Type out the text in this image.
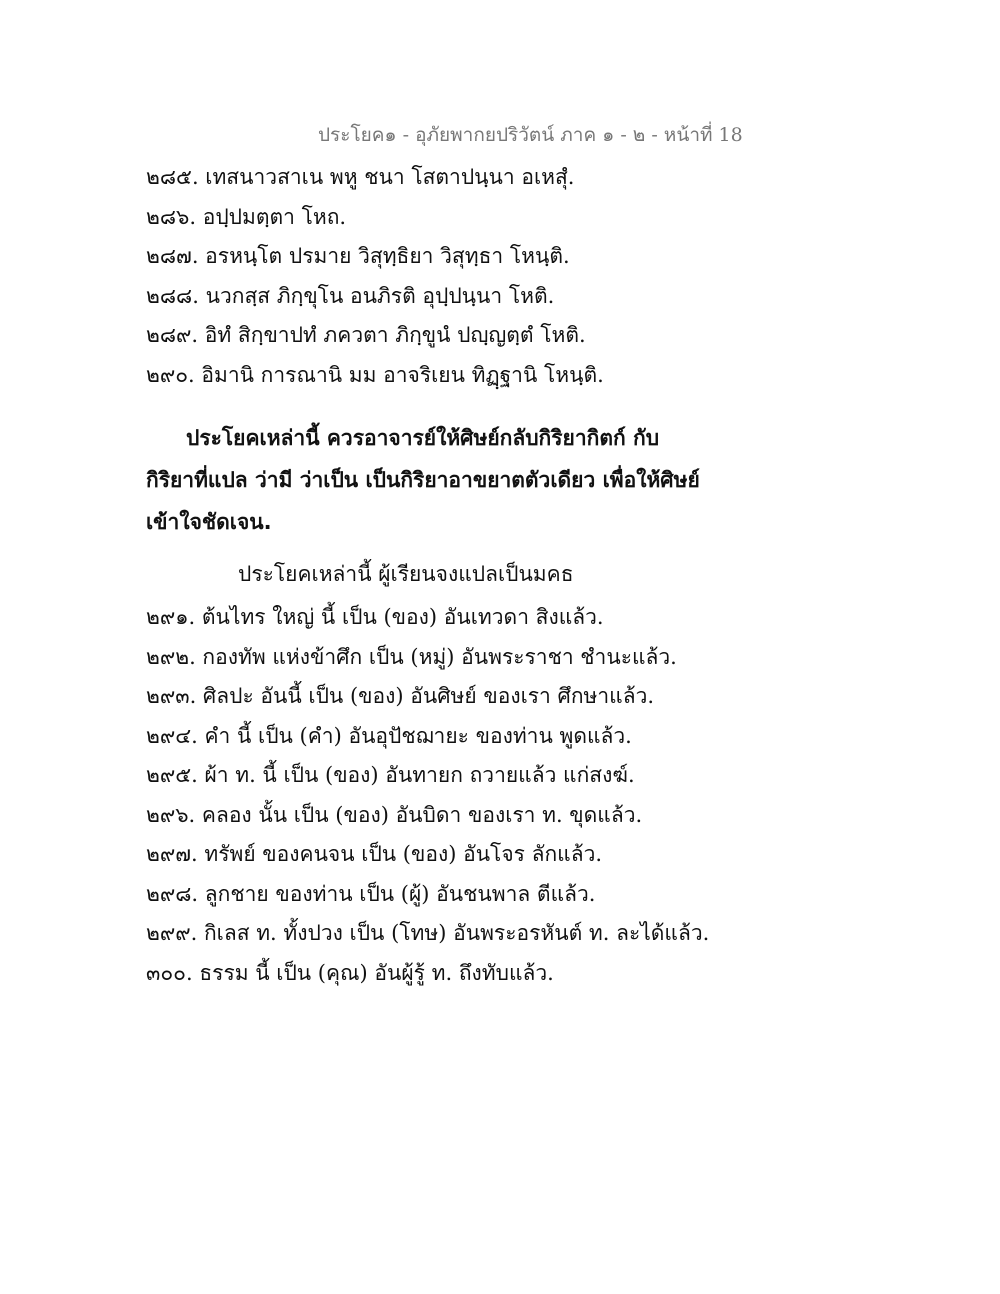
ประโยค๑ - อุภัยพากยปริวัตน์ ภาค ๑ - ๒ - หน้าที่ 18
๒๘๕. เทสนาวสาเน พหู ชนา โสตาปนฺนา อเหสุํ.
๒๘๖. อปฺปมตฺตา โหถ.
๒๘๗. อรหนฺโต ปรมาย วิสุทฺธิยา วิสุทฺธา โหนฺติ.
๒๘๘. นวกสฺส ภิกฺขุโน อนภิรติ อุปฺปนฺนา โหติ.
๒๘๙. อิทํ สิกฺขาปทํ ภควตา ภิกฺขูนํ ปญฺญตฺตํ โหติ.
๒๙๐. อิมานิ การณานิ มม อาจริเยน ทิฏฺฐานิ โหนฺติ.

ประโยคเหล่านี้ ควรอาจารย์ให้ศิษย์กลับกิริยากิตก์ กับกิริยาที่แปล ว่ามี ว่าเป็น เป็นกิริยาอาขยาตตัวเดียว เพื่อให้ศิษย์เข้าใจชัดเจน.

ประโยคเหล่านี้ ผู้เรียนจงแปลเป็นมคธ
๒๙๑. ต้นไทร ใหญ่ นี้ เป็น (ของ) อันเทวดา สิงแล้ว.
๒๙๒. กองทัพ แห่งข้าศึก เป็น (หมู่) อันพระราชา ชำนะแล้ว.
๒๙๓. ศิลปะ อันนี้ เป็น (ของ) อันศิษย์ ของเรา ศึกษาแล้ว.
๒๙๔. คำ นี้ เป็น (คำ) อันอุปัชฌายะ ของท่าน พูดแล้ว.
๒๙๕. ผ้า ท. นี้ เป็น (ของ) อันทายก ถวายแล้ว แก่สงฆ์.
๒๙๖. คลอง นั้น เป็น (ของ) อันบิดา ของเรา ท. ขุดแล้ว.
๒๙๗. ทรัพย์ ของคนจน เป็น (ของ) อันโจร ลักแล้ว.
๒๙๘. ลูกชาย ของท่าน เป็น (ผู้) อันชนพาล ตีแล้ว.
๒๙๙. กิเลส ท. ทั้งปวง เป็น (โทษ) อันพระอรหันต์ ท. ละได้แล้ว.
๓๐๐. ธรรม นี้ เป็น (คุณ) อันผู้รู้ ท. ถึงทับแล้ว.
